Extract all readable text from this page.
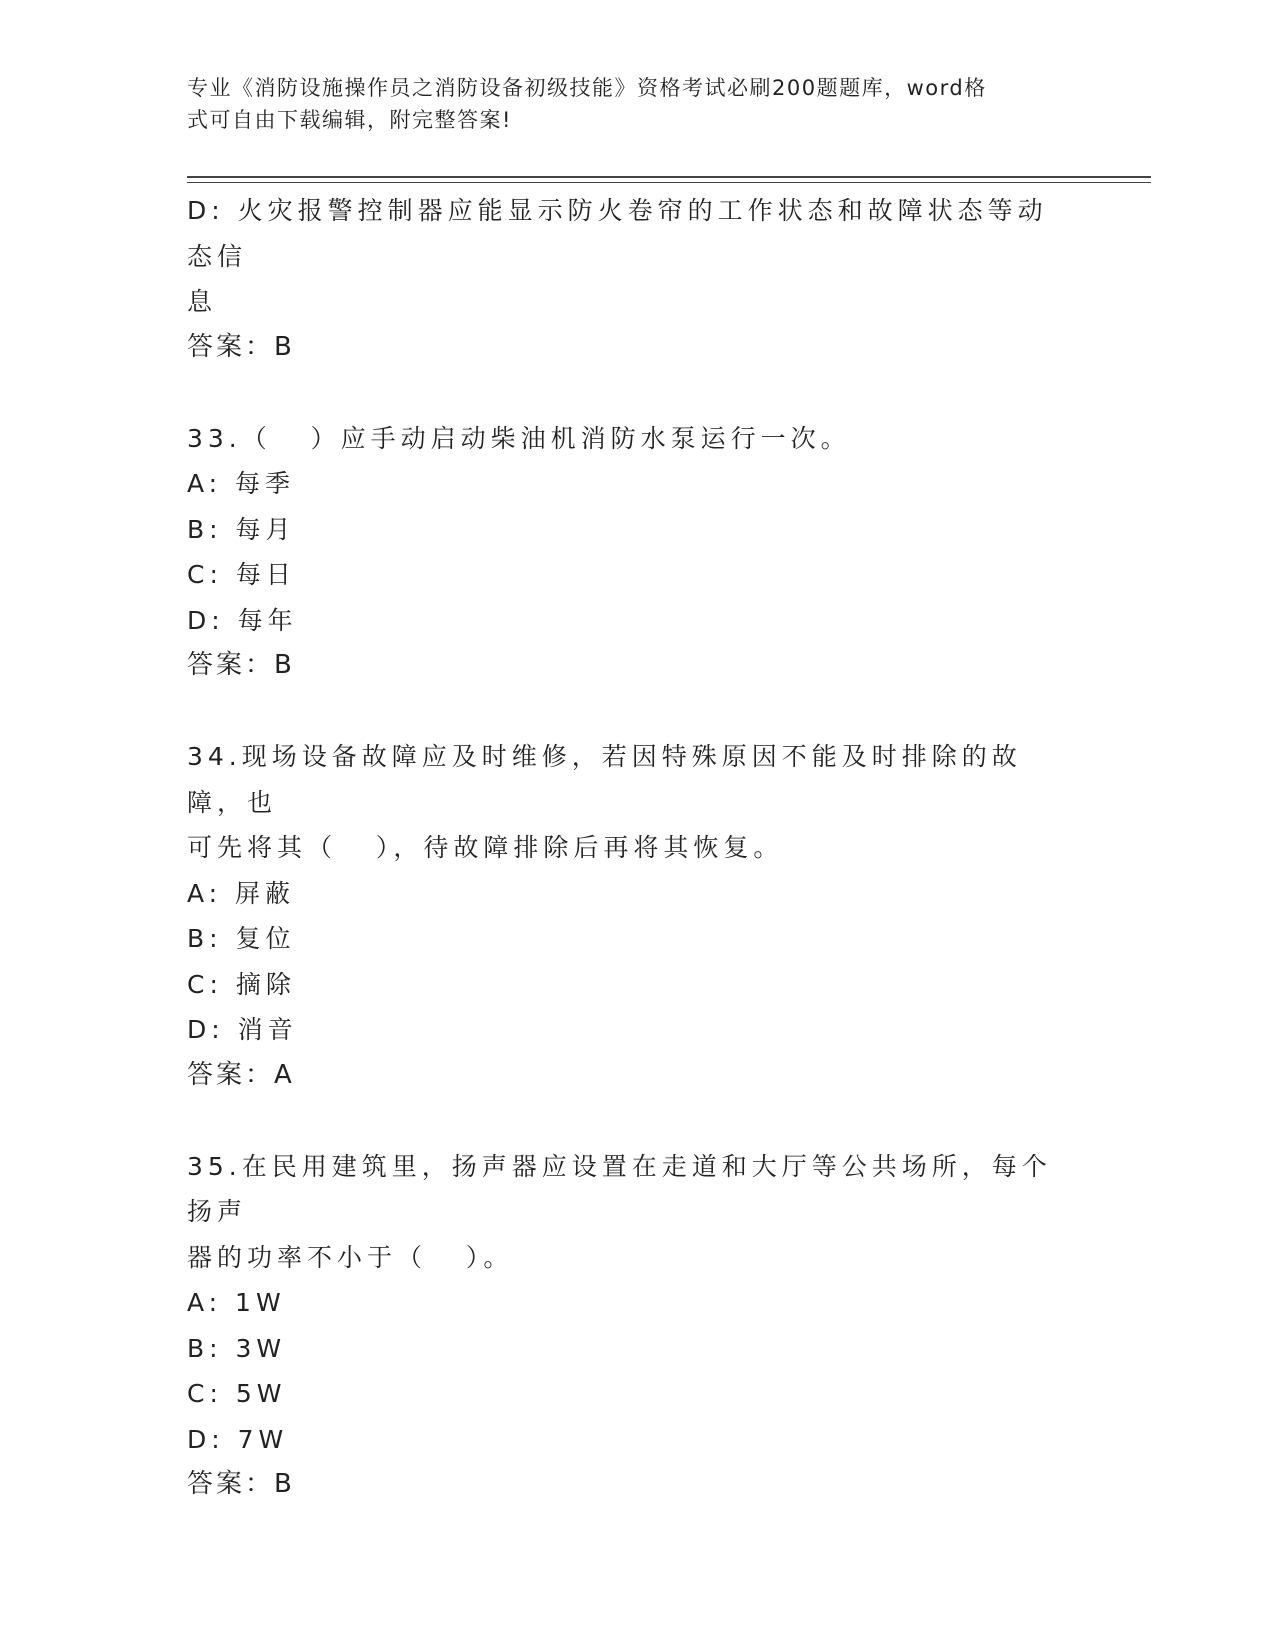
专业《消防设施操作员之消防设备初级技能》资格考试必刷200题题库，word格
式可自由下载编辑，附完整答案!
D: 火灾报警控制器应能显示防火卷帘的工作状态和故障状态等动态信
息
答案：B
33.（   ）应手动启动柴油机消防水泵运行一次。
A: 每季
B: 每月
C: 每日
D: 每年
答案：B
34.现场设备故障应及时维修，若因特殊原因不能及时排除的故障，也
可先将其（   ），待故障排除后再将其恢复。
A: 屏蔽
B: 复位
C: 摘除
D: 消音
答案：A
35.在民用建筑里，扬声器应设置在走道和大厅等公共场所，每个扬声
器的功率不小于（   ）。
A: 1W
B: 3W
C: 5W
D: 7W
答案：B
